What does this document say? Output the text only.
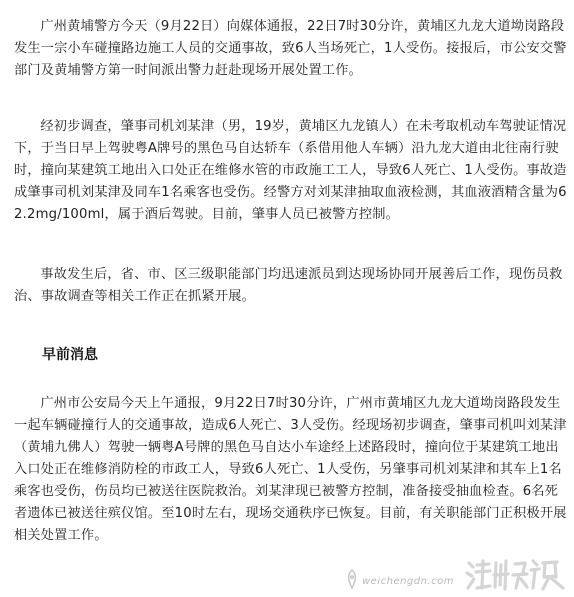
广州黄埔警方今天（9月22日）向媒体通报，22日7时30分许，黄埔区九龙大道坳岗路段发生一宗小车碰撞路边施工人员的交通事故，致6人当场死亡，1人受伤。接报后，市公安交警部门及黄埔警方第一时间派出警力赶赴现场开展处置工作。

经初步调查，肇事司机刘某津（男，19岁，黄埔区九龙镇人）在未考取机动车驾驶证情况下，于当日早上驾驶粤A牌号的黑色马自达轿车（系借用他人车辆）沿九龙大道由北往南行驶时，撞向某建筑工地出入口处正在维修水管的市政施工工人，导致6人死亡、1人受伤。事故造成肇事司机刘某津及同车1名乘客也受伤。经警方对刘某津抽取血液检测，其血液酒精含量为62.2mg/100ml，属于酒后驾驶。目前，肇事人员已被警方控制。

事故发生后，省、市、区三级职能部门均迅速派员到达现场协同开展善后工作，现伤员救治、事故调查等相关工作正在抓紧开展。

早前消息

广州市公安局今天上午通报，9月22日7时30分许，广州市黄埔区九龙大道坳岗路段发生一起车辆碰撞行人的交通事故，造成6人死亡、3人受伤。经现场初步调查，肇事司机叫刘某津（黄埔九佛人）驾驶一辆粤A号牌的黑色马自达小车途经上述路段时，撞向位于某建筑工地出入口处正在维修消防栓的市政工人，导致6人死亡、1人受伤，另肇事司机刘某津和其车上1名乘客也受伤，伤员均已被送往医院救治。刘某津现已被警方控制，准备接受抽血检查。6名死者遗体已被送往殡仪馆。至10时左右，现场交通秩序已恢复。目前，有关职能部门正积极开展相关处置工作。

weichengdn.com
